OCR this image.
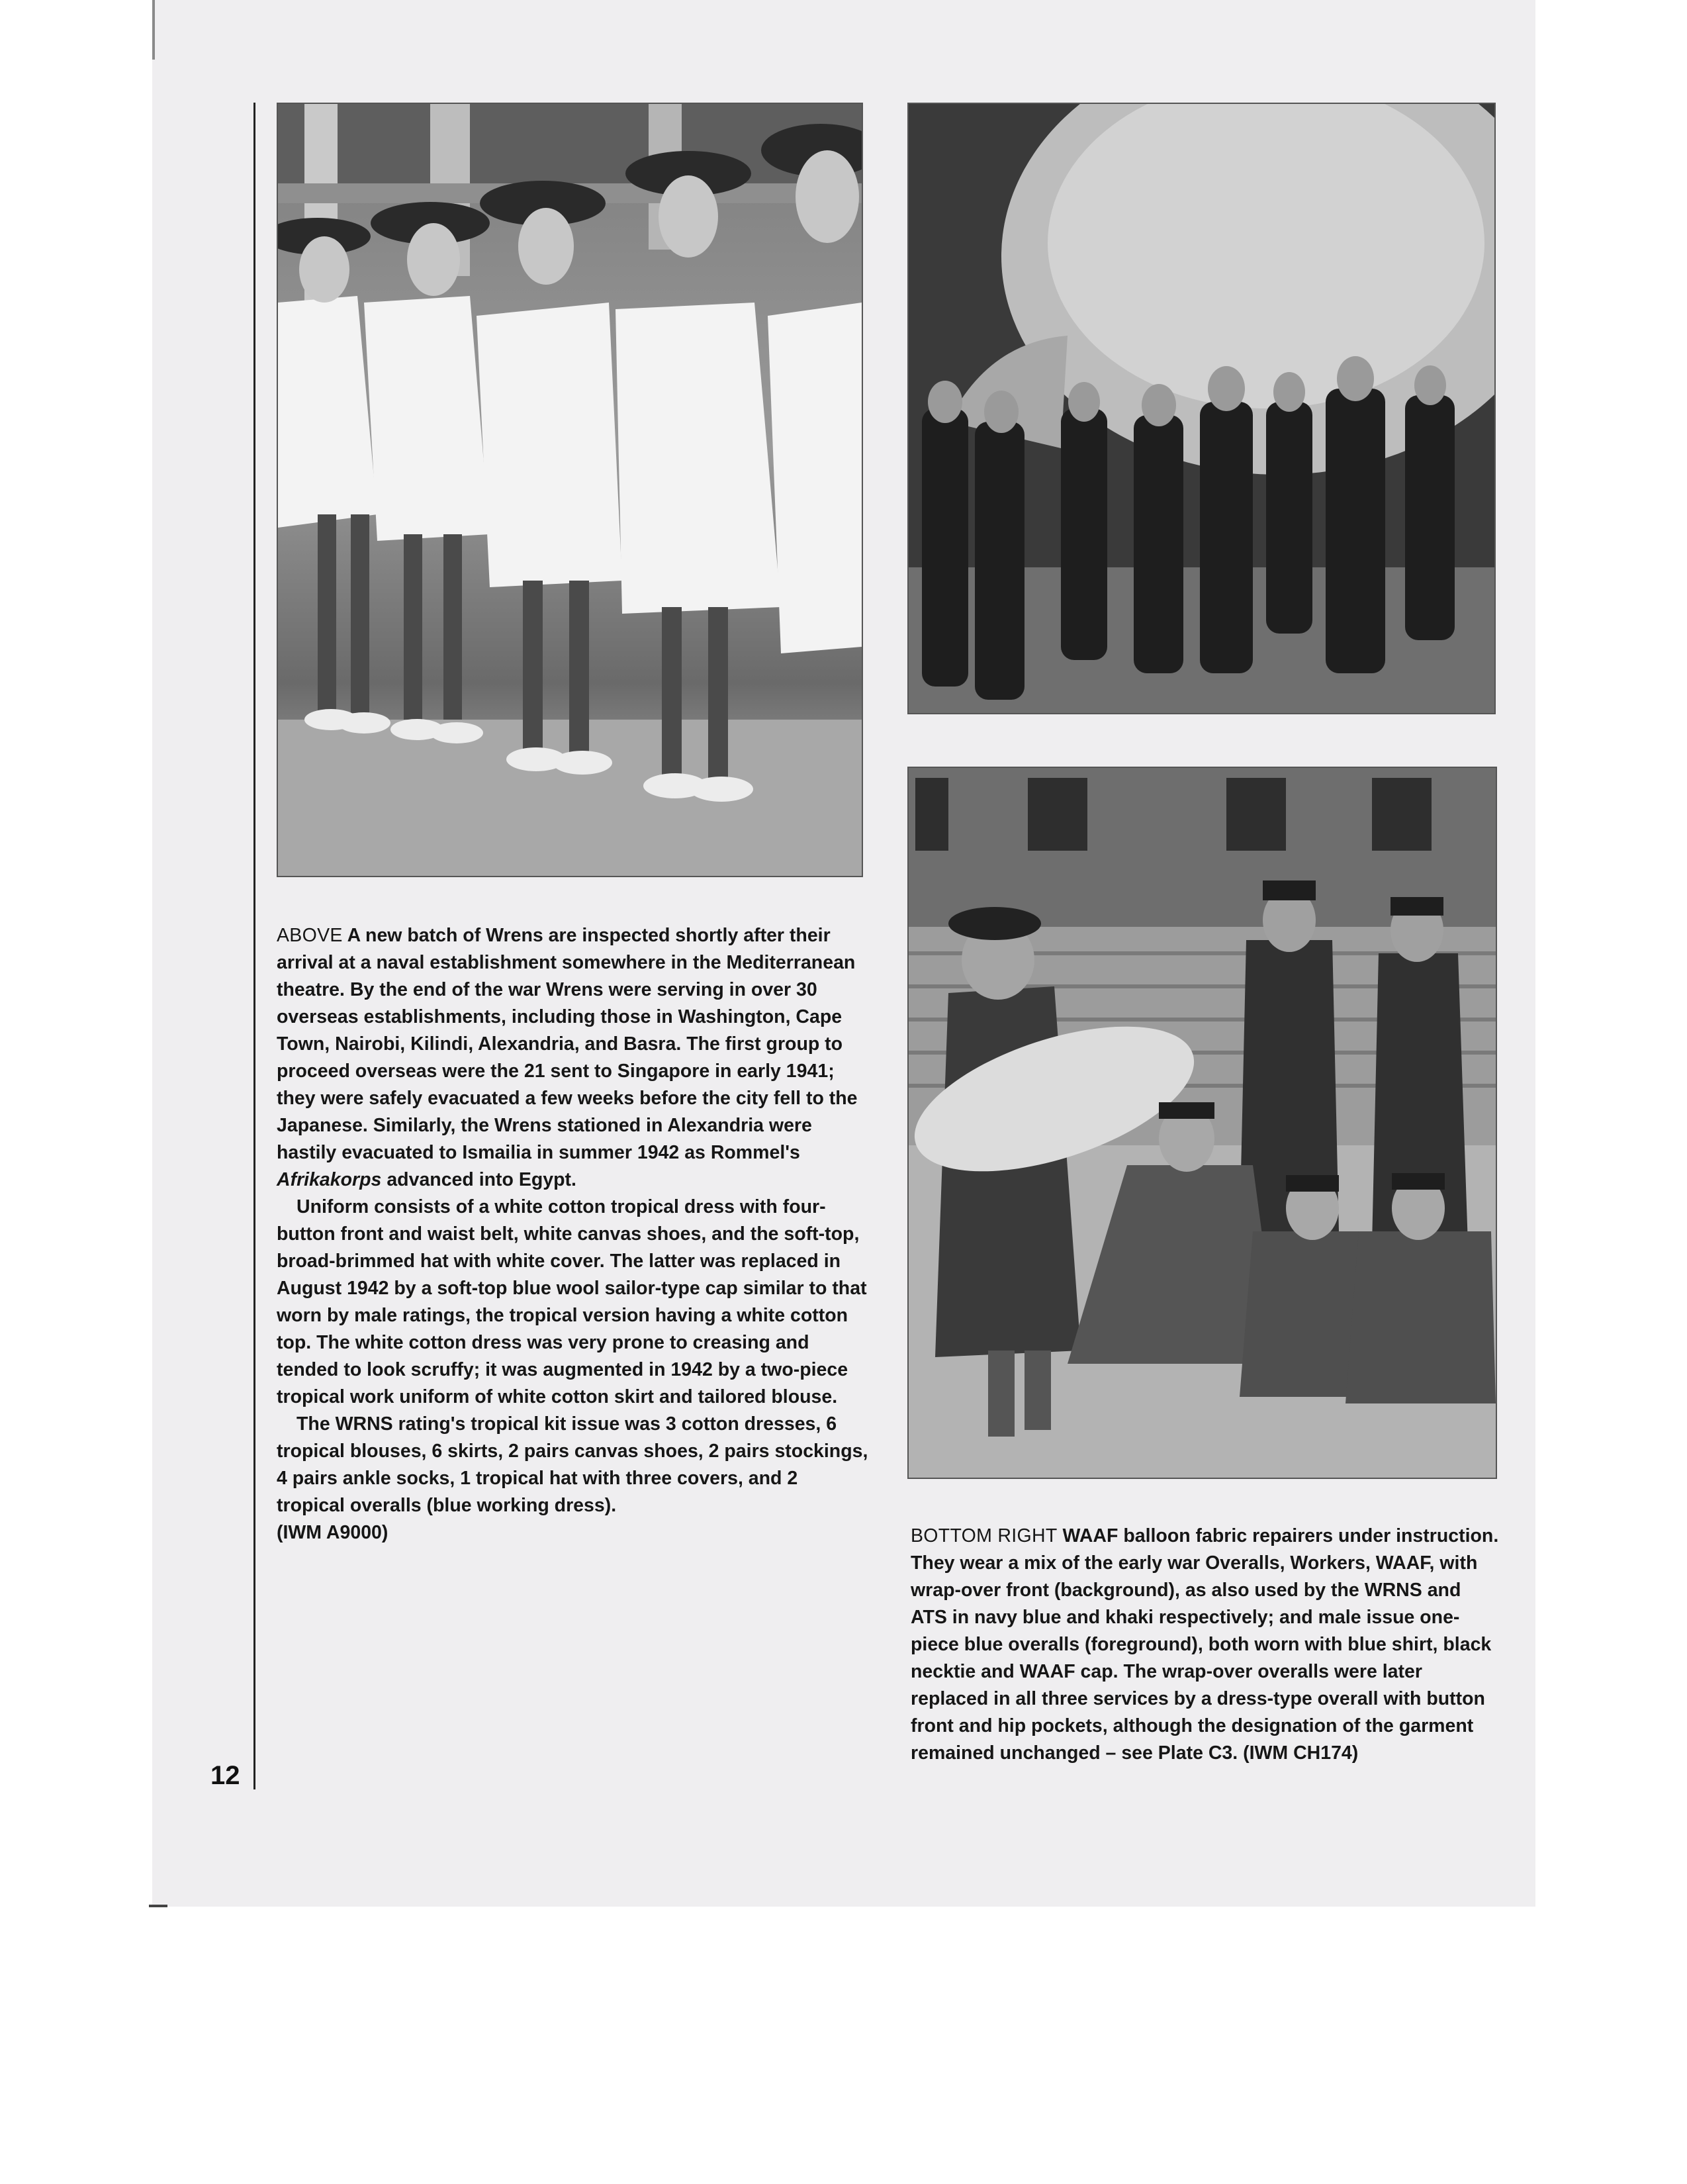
12

ABOVE A new batch of Wrens are inspected shortly after their arrival at a naval establishment somewhere in the Mediterranean theatre. By the end of the war Wrens were serving in over 30 overseas establishments, including those in Washington, Cape Town, Nairobi, Kilindi, Alexandria, and Basra. The first group to proceed overseas were the 21 sent to Singapore in early 1941; they were safely evacuated a few weeks before the city fell to the Japanese. Similarly, the Wrens stationed in Alexandria were hastily evacuated to Ismailia in summer 1942 as Rommel's Afrikakorps advanced into Egypt.

Uniform consists of a white cotton tropical dress with four-button front and waist belt, white canvas shoes, and the soft-top, broad-brimmed hat with white cover. The latter was replaced in August 1942 by a soft-top blue wool sailor-type cap similar to that worn by male ratings, the tropical version having a white cotton top. The white cotton dress was very prone to creasing and tended to look scruffy; it was augmented in 1942 by a two-piece tropical work uniform of white cotton skirt and tailored blouse.

The WRNS rating's tropical kit issue was 3 cotton dresses, 6 tropical blouses, 6 skirts, 2 pairs canvas shoes, 2 pairs stockings, 4 pairs ankle socks, 1 tropical hat with three covers, and 2 tropical overalls (blue working dress).
(IWM A9000)	BOTTOM RIGHT WAAF balloon fabric repairers under instruction. They wear a mix of the early war Overalls, Workers, WAAF, with wrap-over front (background), as also used by the WRNS and ATS in navy blue and khaki respectively; and male issue one-piece blue overalls (foreground), both worn with blue shirt, black necktie and WAAF cap. The wrap-over overalls were later replaced in all three services by a dress-type overall with button front and hip pockets, although the designation of the garment remained unchanged – see Plate C3. (IWM CH174)
